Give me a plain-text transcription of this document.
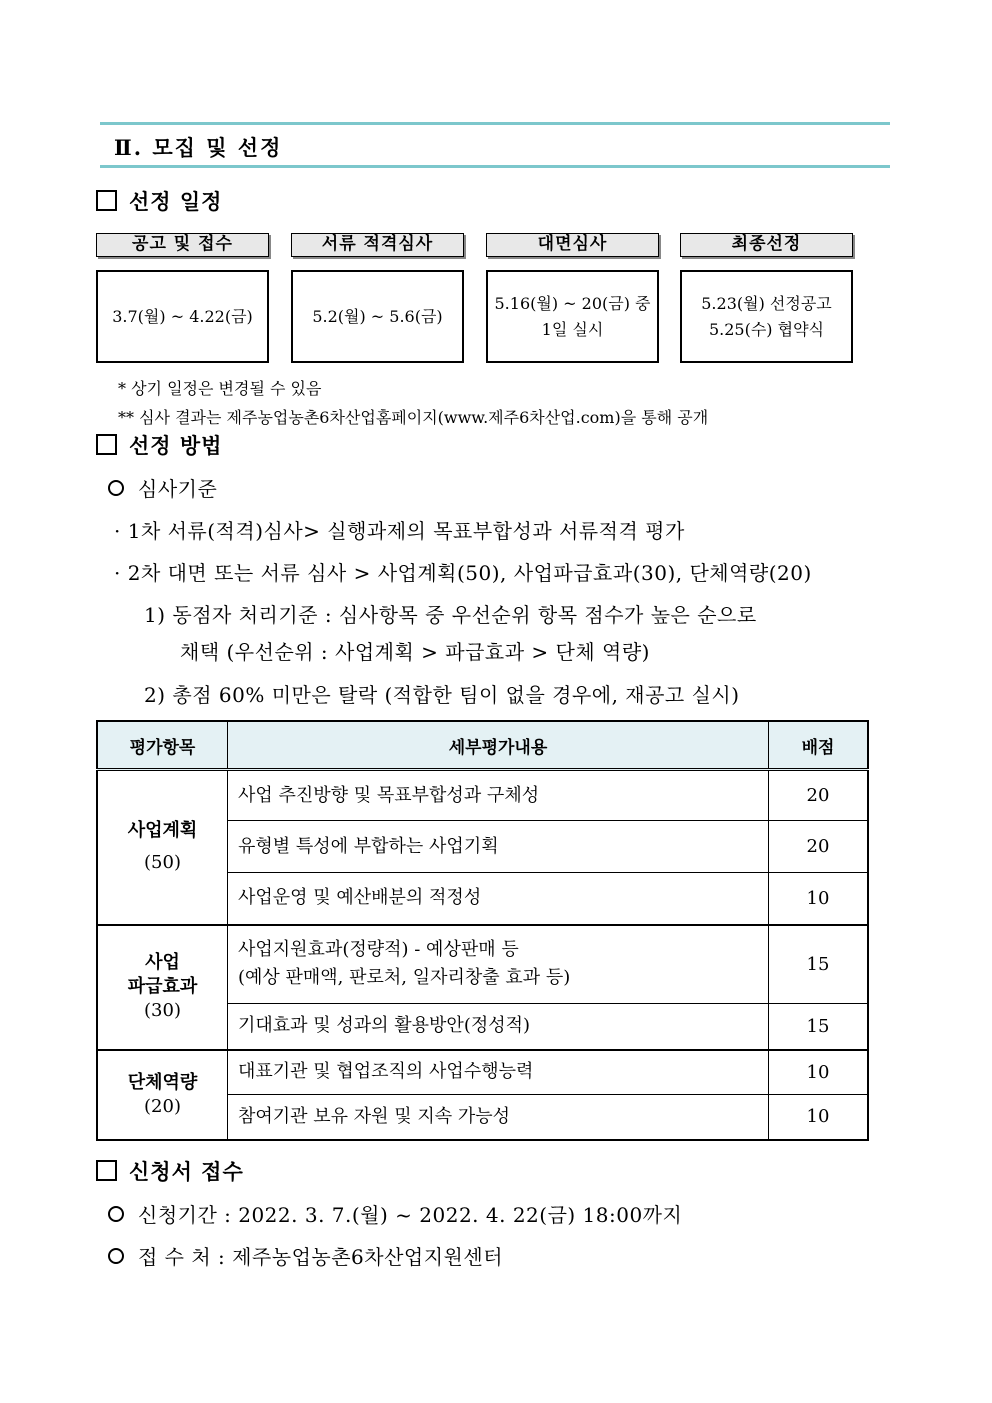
Ⅱ. 모집 및 선정
선정 일정
공고 및 접수
3.7(월) ~ 4.22(금)
서류 적격심사
5.2(월) ~ 5.6(금)
대면심사
5.16(월) ~ 20(금) 중
1일 실시
최종선정
5.23(월) 선정공고
5.25(수) 협약식
* 상기 일정은 변경될 수 있음
** 심사 결과는 제주농업농촌6차산업홈페이지(www.제주6차산업.com)을 통해 공개
선정 방법
심사기준
· 1차 서류(적격)심사> 실행과제의 목표부합성과 서류적격 평가
· 2차 대면 또는 서류 심사 > 사업계획(50), 사업파급효과(30), 단체역량(20)
1) 동점자 처리기준 : 심사항목 중 우선순위 항목 점수가 높은 순으로
채택 (우선순위 : 사업계획 > 파급효과 > 단체 역량)
2) 총점 60% 미만은 탈락 (적합한 팀이 없을 경우에, 재공고 실시)
평가항목	세부평가내용	배점
사업계획

(50)	사업 추진방향 및 목표부합성과 구체성	20
	유형별 특성에 부합하는 사업기획	20
	사업운영 및 예산배분의 적정성	10
사업
파급효과

(30)	사업지원효과(정량적) - 예상판매 등
(예상 판매액, 판로처, 일자리창출 효과 등)	15
	기대효과 및 성과의 활용방안(정성적)	15
단체역량

(20)	대표기관 및 협업조직의 사업수행능력	10
	참여기관 보유 자원 및 지속 가능성	10
신청서 접수
신청기간 : 2022. 3. 7.(월) ~ 2022. 4. 22(금) 18:00까지
접 수 처 : 제주농업농촌6차산업지원센터
